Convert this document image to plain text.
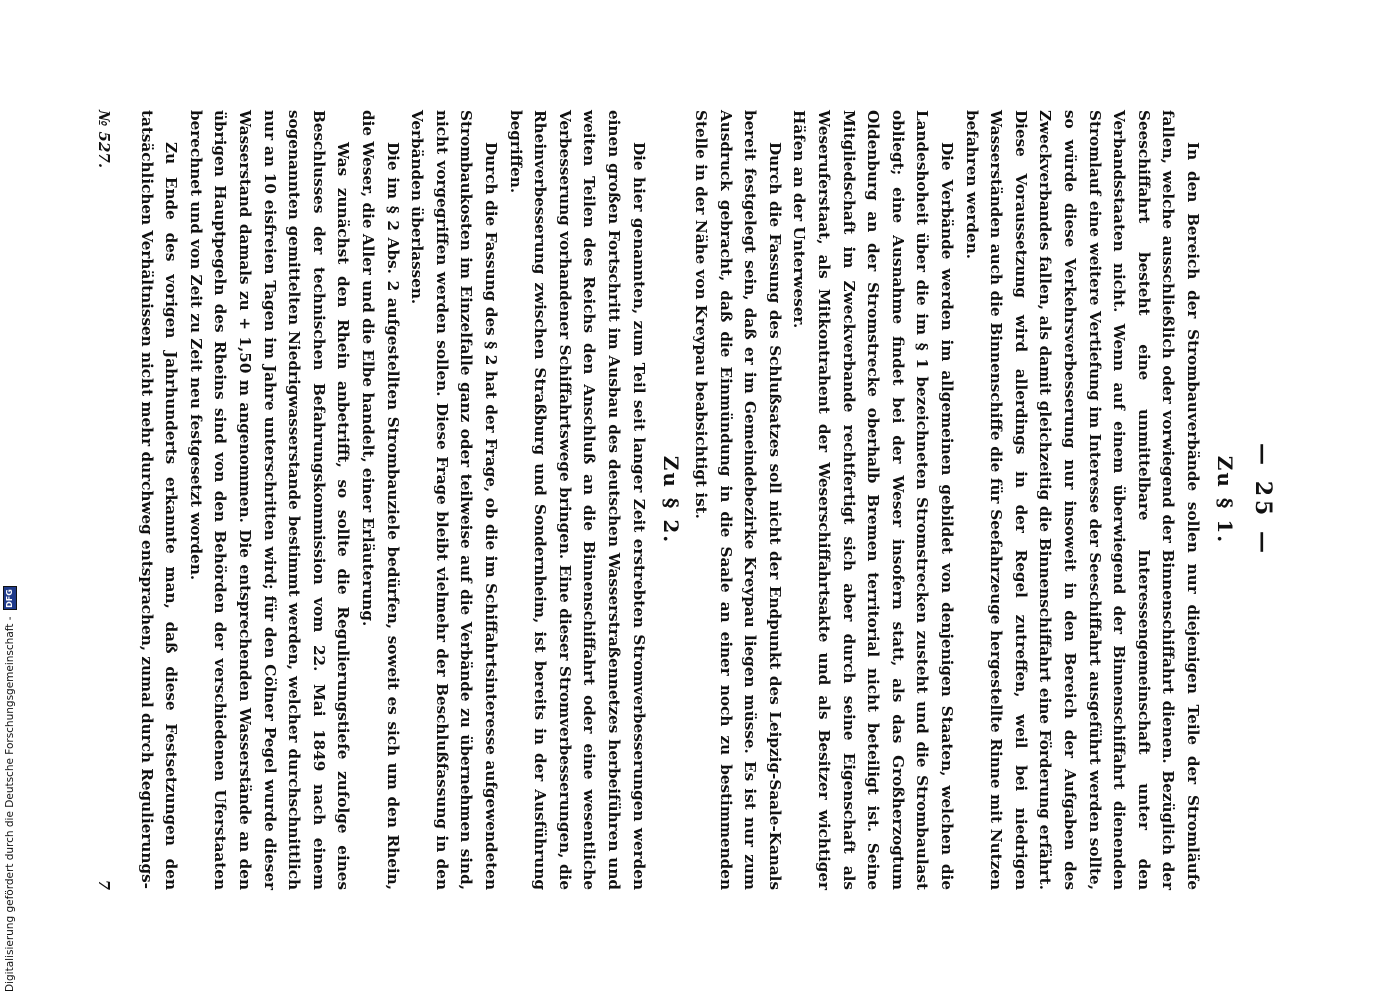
— 25 —
Zu § 1.

In den Bereich der Strombauverbände sollen nur diejenigen Teile der Stromläufe fallen, welche ausschließlich oder vorwiegend der Binnenschiffahrt dienen. Bezüglich der Seeschiffahrt besteht eine unmittelbare Interessengemeinschaft unter den Verbandsstaaten nicht. Wenn auf einem überwiegend der Binnenschiffahrt dienenden Stromlauf eine weitere Vertiefung im Interesse der Seeschiffahrt ausgeführt werden sollte, so würde diese Verkehrsverbesserung nur insoweit in den Bereich der Aufgaben des Zweckverbandes fallen, als damit gleichzeitig die Binnenschiffahrt eine Förderung erfährt. Diese Voraussetzung wird allerdings in der Regel zutreffen, weil bei niedrigen Wasserständen auch die Binnenschiffe die für Seefahrzeuge hergestellte Rinne mit Nutzen befahren werden.

Die Verbände werden im allgemeinen gebildet von denjenigen Staaten, welchen die Landeshoheit über die im § 1 bezeichneten Stromstrecken zusteht und die Strombaulast obliegt; eine Ausnahme findet bei der Weser insofern statt, als das Großherzogtum Oldenburg an der Stromstrecke oberhalb Bremen territorial nicht beteiligt ist. Seine Mitgliedschaft im Zweckverbande rechtfertigt sich aber durch seine Eigenschaft als Weseruferstaat, als Mitkontrahent der Weserschiffahrtsakte und als Besitzer wichtiger Häfen an der Unterweser.

Durch die Fassung des Schlußsatzes soll nicht der Endpunkt des Leipzig-Saale-Kanals bereit festgelegt sein, daß er im Gemeindebezirke Kreypau liegen müsse. Es ist nur zum Ausdruck gebracht, daß die Einmündung in die Saale an einer noch zu bestimmenden Stelle in der Nähe von Kreypau beabsichtigt ist.

Zu § 2.

Die hier genannten, zum Teil seit langer Zeit erstrebten Stromverbesserungen werden einen großen Fortschritt im Ausbau des deutschen Wasserstraßennetzes herbeiführen und weiten Teilen des Reichs den Anschluß an die Binnenschiffahrt oder eine wesentliche Verbesserung vorhandener Schiffahrtswege bringen. Eine dieser Stromverbesserungen, die Rheinverbesserung zwischen Straßburg und Sondernheim, ist bereits in der Ausführung begriffen.

Durch die Fassung des § 2 hat der Frage, ob die im Schiffahrtsinteresse aufgewendeten Strombaukosten im Einzelfalle ganz oder teilweise auf die Verbände zu übernehmen sind, nicht vorgegriffen werden sollen. Diese Frage bleibt vielmehr der Beschlußfassung in den Verbänden überlassen.

Die im § 2 Abs. 2 aufgestellten Strombauziele bedürfen, soweit es sich um den Rhein, die Weser, die Aller und die Elbe handelt, einer Erläuterung.

Was zunächst den Rhein anbetrifft, so sollte die Regulierungstiefe zufolge eines Beschlusses der technischen Befahrungskommission vom 22. Mai 1849 nach einem sogenannten gemittelten Niedrigwasserstande bestimmt werden, welcher durchschnittlich nur an 10 eisfreien Tagen im Jahre unterschritten wird; für den Cölner Pegel wurde dieser Wasserstand damals zu + 1,50 m angenommen. Die entsprechenden Wasserstände an den übrigen Hauptpegeln des Rheins sind von den Behörden der verschiedenen Uferstaaten berechnet und von Zeit zu Zeit neu festgesetzt worden.

Zu Ende des vorigen Jahrhunderts erkannte man, daß diese Festsetzungen den tatsächlichen Verhältnissen nicht mehr durchweg entsprachen, zumal durch Regulierungs-

№ 527.
7
Digitalisierung gefördert durch die Deutsche Forschungsgemeinschaft -
DFG
